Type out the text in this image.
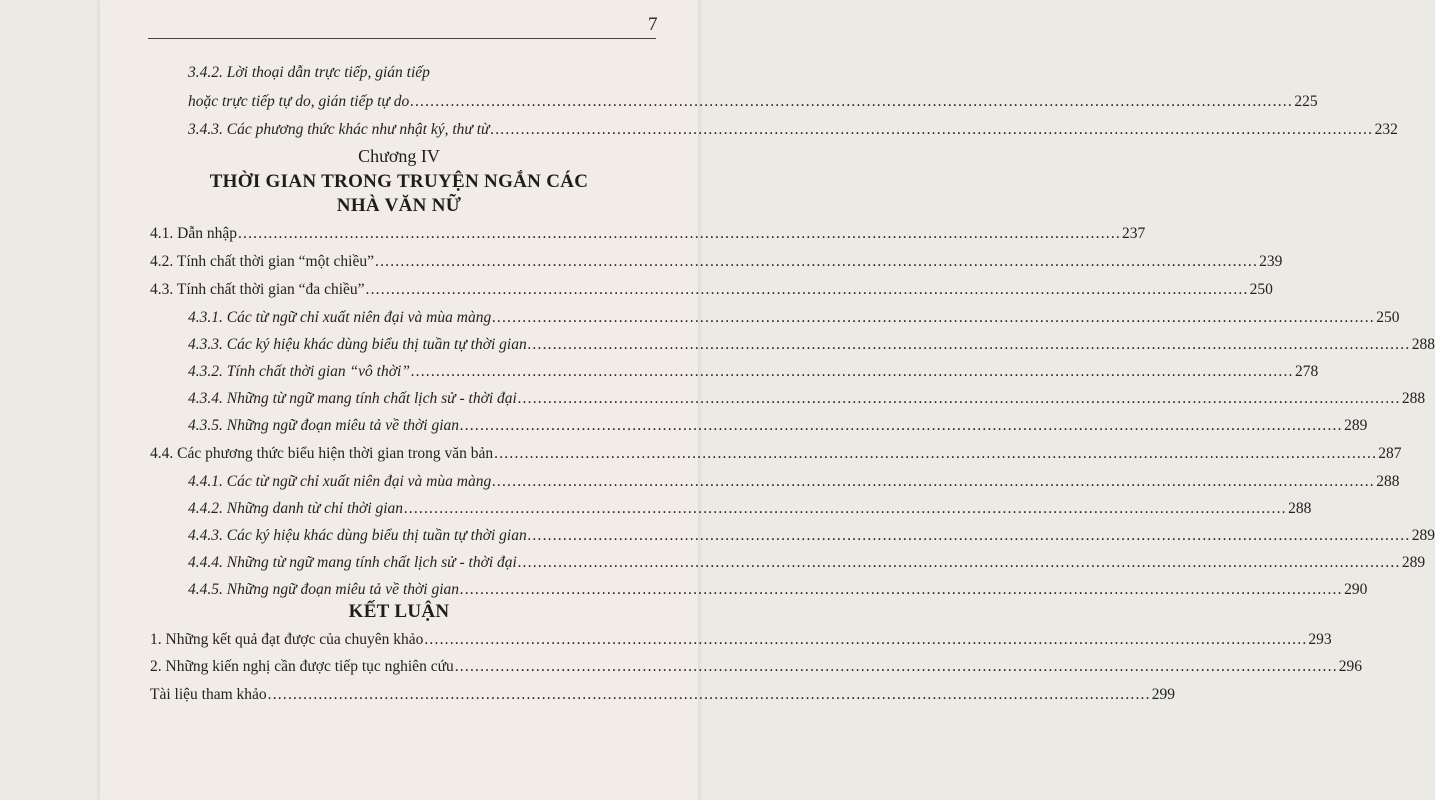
7
3.4.2. Lời thoại dẫn trực tiếp, gián tiếp
hoặc trực tiếp tự do, gián tiếp tự do .....	225
3.4.3. Các phương thức khác như nhật ký, thư từ .....	232
Chương IV
THỜI GIAN TRONG TRUYỆN NGẮN CÁC
NHÀ VĂN NỮ
4.1. Dẫn nhập .....	237
4.2. Tính chất thời gian “một chiều” .....	239
4.3. Tính chất thời gian “đa chiều” .....	250
4.3.1. Các từ ngữ chỉ xuất niên đại và mùa màng .....	250
4.3.3. Các ký hiệu khác dùng biểu thị tuần tự thời gian .....	288
4.3.2. Tính chất thời gian “vô thời” .....	278
4.3.4. Những từ ngữ mang tính chất lịch sử - thời đại .....	288
4.3.5. Những ngữ đoạn miêu tả về thời gian .....	289
4.4. Các phương thức biểu hiện thời gian trong văn bản .....	287
4.4.1. Các từ ngữ chỉ xuất niên đại và mùa màng .....	288
4.4.2. Những danh từ chỉ thời gian .....	288
4.4.3. Các ký hiệu khác dùng biểu thị tuần tự thời gian .....	289
4.4.4. Những từ ngữ mang tính chất lịch sử - thời đại .....	289
4.4.5. Những ngữ đoạn miêu tả về thời gian .....	290
KẾT LUẬN
1. Những kết quả đạt được của chuyên khảo .....	293
2. Những kiến nghị cần được tiếp tục nghiên cứu .....	296
Tài liệu tham khảo .....	299
